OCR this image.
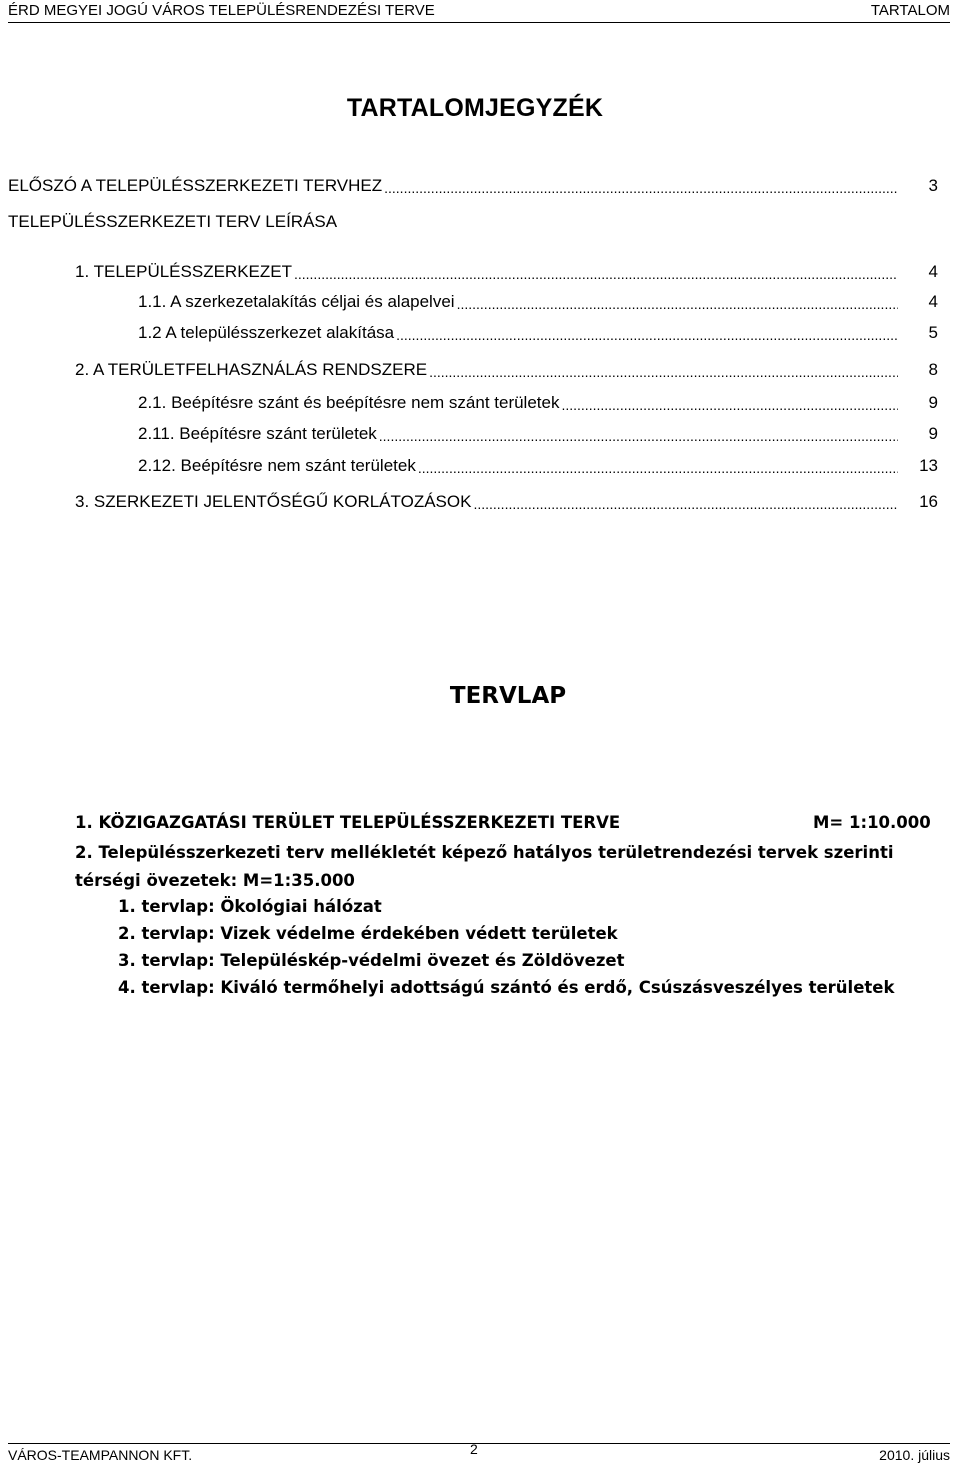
ÉRD MEGYEI JOGÚ VÁROS TELEPÜLÉSRENDEZÉSI TERVE	TARTALOM
TARTALOMJEGYZÉK
ELŐSZÓ A TELEPÜLÉSSZERKEZETI TERVHEZ .....	3
TELEPÜLÉSSZERKEZETI TERV LEÍRÁSA
1. TELEPÜLÉSSZERKEZET .....	4
1.1. A szerkezetalakítás céljai és alapelvei .....	4
1.2 A településszerkezet alakítása .....	5
2. A TERÜLETFELHASZNÁLÁS RENDSZERE .....	8
2.1. Beépítésre szánt és beépítésre nem szánt területek .....	9
2.11. Beépítésre szánt területek .....	9
2.12. Beépítésre nem szánt területek .....	13
3. SZERKEZETI JELENTŐSÉGŰ KORLÁTOZÁSOK .....	16
TERVLAP
1. KÖZIGAZGATÁSI TERÜLET TELEPÜLÉSSZERKEZETI TERVE	M= 1:10.000
2. Településszerkezeti terv mellékletét képező hatályos területrendezési tervek szerinti
térségi övezetek: M=1:35.000
1. tervlap: Ökológiai hálózat
2. tervlap: Vizek védelme érdekében védett területek
3. tervlap: Településkép-védelmi övezet és Zöldövezet
4. tervlap: Kiváló termőhelyi adottságú szántó és erdő, Csúszásveszélyes területek
VÁROS-TEAMPANNON KFT.	2	2010. július
